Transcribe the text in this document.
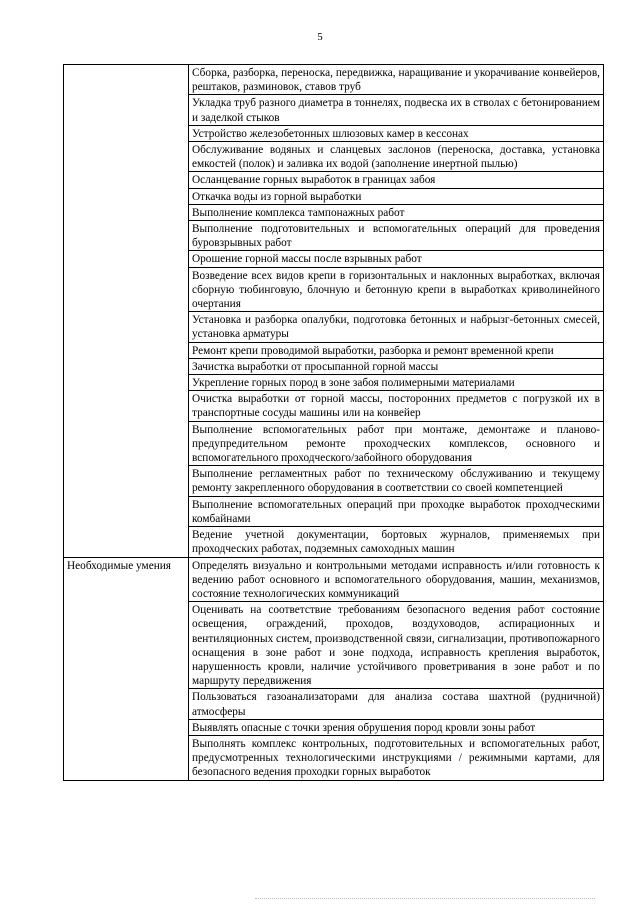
5
	Сборка, разборка, переноска, передвижка, наращивание и укорачивание конвейеров, рештаков, разминовок, ставов труб
	Укладка труб разного диаметра в тоннелях, подвеска их в стволах с бетонированием и заделкой стыков
	Устройство железобетонных шлюзовых камер в кессонах
	Обслуживание водяных и сланцевых заслонов (переноска, доставка, установка емкостей (полок) и заливка их водой (заполнение инертной пылью)
	Осланцевание горных выработок в границах забоя
	Откачка воды из горной выработки
	Выполнение комплекса тампонажных работ
	Выполнение подготовительных и вспомогательных операций для проведения буровзрывных работ
	Орошение горной массы после взрывных работ
	Возведение всех видов крепи в горизонтальных и наклонных выработках, включая сборную тюбинговую, блочную и бетонную крепи в выработках криволинейного очертания
	Установка и разборка опалубки, подготовка бетонных и набрызг-бетонных смесей, установка арматуры
	Ремонт крепи проводимой выработки, разборка и ремонт временной крепи
	Зачистка выработки от просыпанной горной массы
	Укрепление горных пород в зоне забоя полимерными материалами
	Очистка выработки от горной массы, посторонних предметов с погрузкой их в транспортные сосуды машины или на конвейер
	Выполнение вспомогательных работ при монтаже, демонтаже и планово-предупредительном ремонте проходческих комплексов, основного и вспомогательного проходческого/забойного оборудования
	Выполнение регламентных работ по техническому обслуживанию и текущему ремонту закрепленного оборудования в соответствии со своей компетенцией
	Выполнение вспомогательных операций при проходке выработок проходческими комбайнами
	Ведение учетной документации, бортовых журналов, применяемых при проходческих работах, подземных самоходных машин
Необходимые умения	Определять визуально и контрольными методами исправность и/или готовность к ведению работ основного и вспомогательного оборудования, машин, механизмов, состояние технологических коммуникаций
	Оценивать на соответствие требованиям безопасного ведения работ состояние освещения, ограждений, проходов, воздуховодов, аспирационных и вентиляционных систем, производственной связи, сигнализации, противопожарного оснащения в зоне работ и зоне подхода, исправность крепления выработок, нарушенность кровли, наличие устойчивого проветривания в зоне работ и по маршруту передвижения
	Пользоваться газоанализаторами для анализа состава шахтной (рудничной) атмосферы
	Выявлять опасные с точки зрения обрушения пород кровли зоны работ
	Выполнять комплекс контрольных, подготовительных и вспомогательных работ, предусмотренных технологическими инструкциями / режимными картами, для безопасного ведения проходки горных выработок
